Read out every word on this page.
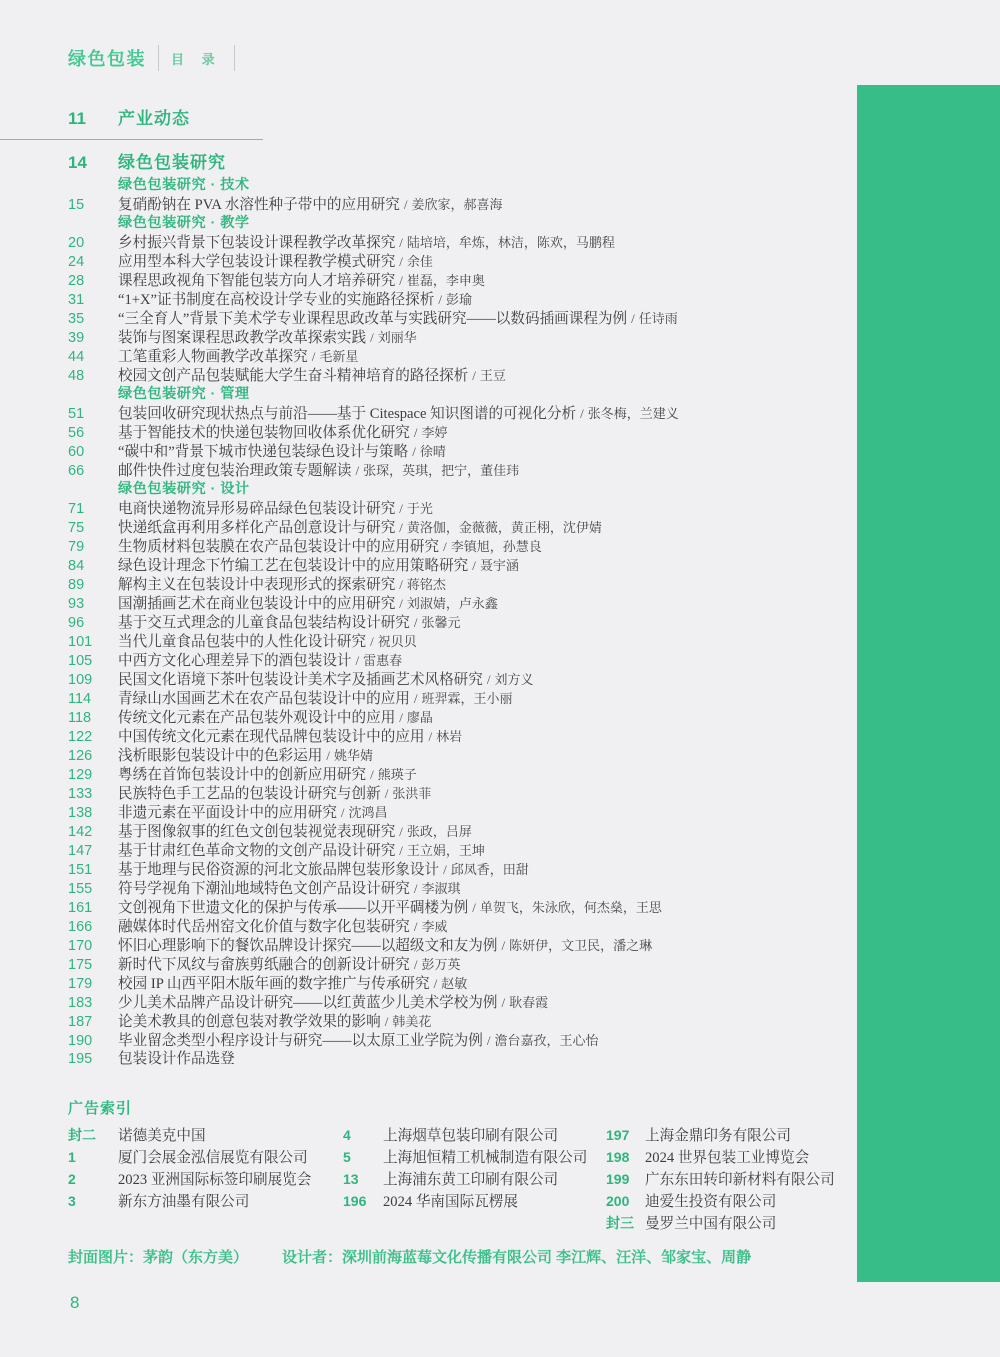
绿色包装 目 录
11	产业动态
14	绿色包装研究
绿色包装研究 · 技术
15	复硝酚钠在 PVA 水溶性种子带中的应用研究 / 姜欣家，郝喜海
绿色包装研究 · 教学
20	乡村振兴背景下包装设计课程教学改革探究 / 陆培培，牟炼，林洁，陈欢，马鹏程
24	应用型本科大学包装设计课程教学模式研究 / 余佳
28	课程思政视角下智能包装方向人才培养研究 / 崔磊，李申奥
31	“1+X”证书制度在高校设计学专业的实施路径探析 / 彭瑜
35	“三全育人”背景下美术学专业课程思政改革与实践研究——以数码插画课程为例 / 任诗雨
39	装饰与图案课程思政教学改革探索实践 / 刘丽华
44	工笔重彩人物画教学改革探究 / 毛新星
48	校园文创产品包装赋能大学生奋斗精神培育的路径探析 / 王豆
绿色包装研究 · 管理
51	包装回收研究现状热点与前沿——基于 Citespace 知识图谱的可视化分析 / 张冬梅，兰建义
56	基于智能技术的快递包装物回收体系优化研究 / 李婷
60	“碳中和”背景下城市快递包装绿色设计与策略 / 徐晴
66	邮件快件过度包装治理政策专题解读 / 张琛，英琪，把宁，董佳玮
绿色包装研究 · 设计
71	电商快递物流异形易碎品绿色包装设计研究 / 于光
75	快递纸盒再利用多样化产品创意设计与研究 / 黄洛伽，金薇薇，黄正栩，沈伊婧
79	生物质材料包装膜在农产品包装设计中的应用研究 / 李镇旭，孙慧良
84	绿色设计理念下竹编工艺在包装设计中的应用策略研究 / 聂宇涵
89	解构主义在包装设计中表现形式的探索研究 / 蒋铭杰
93	国潮插画艺术在商业包装设计中的应用研究 / 刘淑婧，卢永鑫
96	基于交互式理念的儿童食品包装结构设计研究 / 张馨元
101	当代儿童食品包装中的人性化设计研究 / 祝贝贝
105	中西方文化心理差异下的酒包装设计 / 雷惠春
109	民国文化语境下茶叶包装设计美术字及插画艺术风格研究 / 刘方义
114	青绿山水国画艺术在农产品包装设计中的应用 / 班羿霖，王小丽
118	传统文化元素在产品包装外观设计中的应用 / 廖晶
122	中国传统文化元素在现代品牌包装设计中的应用 / 林岩
126	浅析眼影包装设计中的色彩运用 / 姚华婧
129	粤绣在首饰包装设计中的创新应用研究 / 熊瑛子
133	民族特色手工艺品的包装设计研究与创新 / 张洪菲
138	非遗元素在平面设计中的应用研究 / 沈鸿昌
142	基于图像叙事的红色文创包装视觉表现研究 / 张政，吕屏
147	基于甘肃红色革命文物的文创产品设计研究 / 王立娟，王坤
151	基于地理与民俗资源的河北文旅品牌包装形象设计 / 邱凤香，田甜
155	符号学视角下潮汕地域特色文创产品设计研究 / 李淑琪
161	文创视角下世遗文化的保护与传承——以开平碉楼为例 / 单贺飞，朱泳欣，何杰燊，王思
166	融媒体时代岳州窑文化价值与数字化包装研究 / 李威
170	怀旧心理影响下的餐饮品牌设计探究——以超级文和友为例 / 陈妍伊，文卫民，潘之琳
175	新时代下凤纹与畲族剪纸融合的创新设计研究 / 彭万英
179	校园 IP 山西平阳木版年画的数字推广与传承研究 / 赵敏
183	少儿美术品牌产品设计研究——以红黄蓝少儿美术学校为例 / 耿春霞
187	论美术教具的创意包装对教学效果的影响 / 韩美花
190	毕业留念类型小程序设计与研究——以太原工业学院为例 / 澹台嘉孜，王心怡
195	包装设计作品选登
广告索引
封二	诺德美克中国
1	厦门会展金泓信展览有限公司
2	2023 亚洲国际标签印刷展览会
3	新东方油墨有限公司
4	上海烟草包装印刷有限公司
5	上海旭恒精工机械制造有限公司
13	上海浦东黄工印刷有限公司
196	2024 华南国际瓦楞展
197	上海金鼎印务有限公司
198	2024 世界包装工业博览会
199	广东东田转印新材料有限公司
200	迪爱生投资有限公司
封三 曼罗兰中国有限公司
封面图片：茅韵（东方美） 设计者：深圳前海蓝莓文化传播有限公司 李江辉、汪洋、邹家宝、周静
8
